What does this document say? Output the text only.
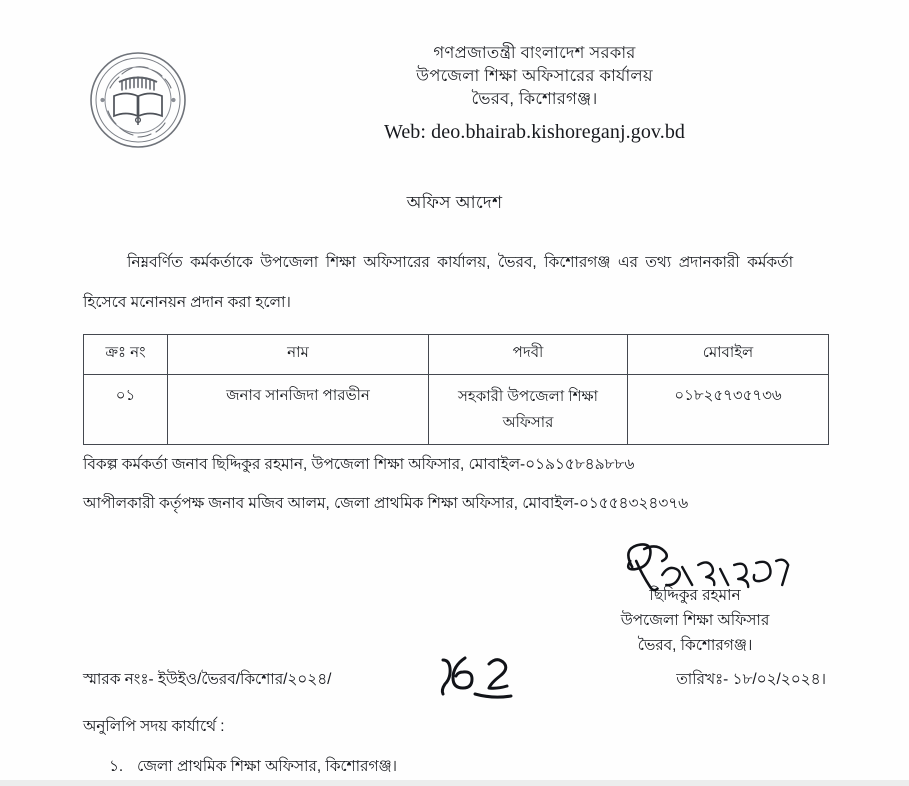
গণপ্রজাতন্ত্রী বাংলাদেশ সরকার
উপজেলা শিক্ষা অফিসারের কার্যালয়
ভৈরব, কিশোরগঞ্জ।
Web: deo.bhairab.kishoreganj.gov.bd
অফিস আদেশ
নিম্নবর্ণিত কর্মকর্তাকে উপজেলা শিক্ষা অফিসারের কার্যালয়, ভৈরব, কিশোরগঞ্জ এর তথ্য প্রদানকারী কর্মকর্তা হিসেবে মনোনয়ন প্রদান করা হলো।
ক্রঃ নং	নাম	পদবী	মোবাইল
০১	জনাব সানজিদা পারভীন	সহকারী উপজেলা শিক্ষা অফিসার	০১৮২৫৭৩৫৭৩৬
বিকল্প কর্মকর্তা জনাব ছিদ্দিকুর রহমান, উপজেলা শিক্ষা অফিসার, মোবাইল-০১৯১৫৮৪৯৮৮৬
আপীলকারী কর্তৃপক্ষ জনাব মজিব আলম, জেলা প্রাথমিক শিক্ষা অফিসার, মোবাইল-০১৫৫৪৩২৪৩৭৬
ছিদ্দিকুর রহমান
উপজেলা শিক্ষা অফিসার
ভৈরব, কিশোরগঞ্জ।
স্মারক নংঃ- ইউইও/ভৈরব/কিশোর/২০২৪/	তারিখঃ- ১৮/০২/২০২৪।
অনুলিপি সদয় কার্যার্থে :
১. জেলা প্রাথমিক শিক্ষা অফিসার, কিশোরগঞ্জ।
